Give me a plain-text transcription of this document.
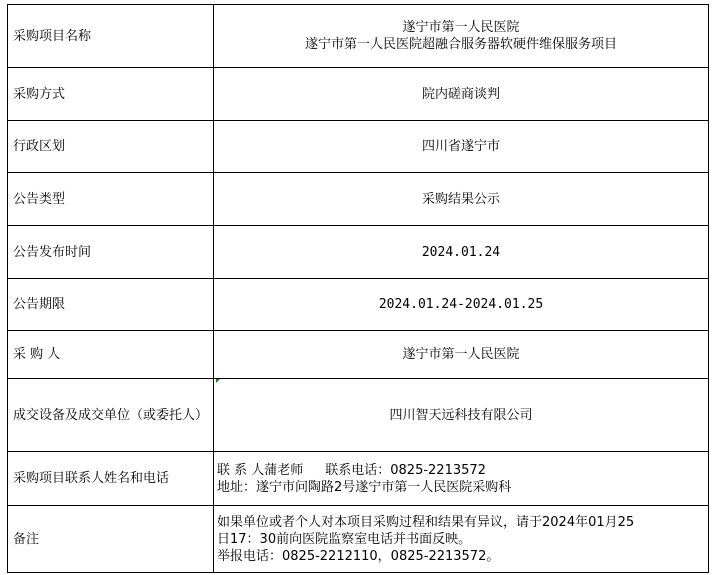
采购项目名称	遂宁市第一人民医院
遂宁市第一人民医院超融合服务器软硬件维保服务项目

采购方式	院内磋商谈判
行政区划	四川省遂宁市
公告类型	采购结果公示
公告发布时间	2024.01.24
公告期限	2024.01.24-2024.01.25
采 购 人	遂宁市第一人民医院
成交设备及成交单位（或委托人）	四川智天远科技有限公司
采购项目联系人姓名和电话	联 系 人蒲老师 联系电话：0825-2213572
地址：遂宁市问陶路2号遂宁市第一人民医院采购科

备注	如果单位或者个人对本项目采购过程和结果有异议，请于2024年01月25
日17：30前向医院监察室电话并书面反映。
举报电话：0825-2212110，0825-2213572。
